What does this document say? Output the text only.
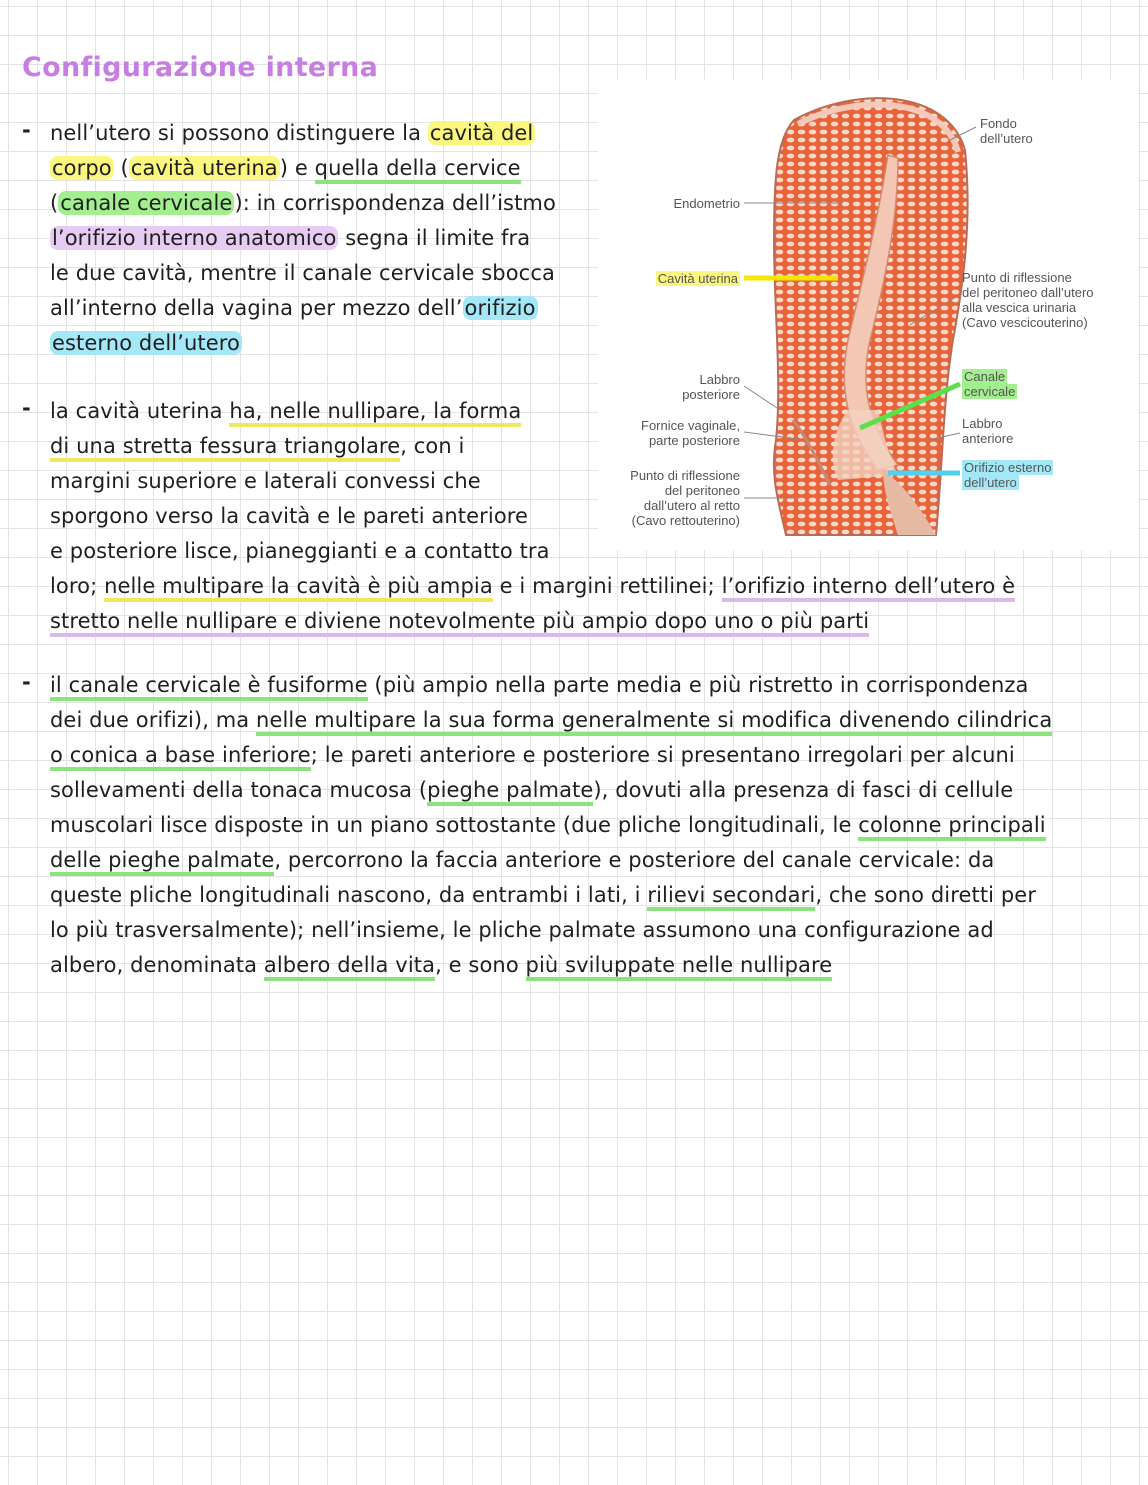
Configurazione interna
- nell’utero si possono distinguere la cavità del
corpo (cavità uterina) e quella della cervice
(canale cervicale): in corrispondenza dell’istmo
l’orifizio interno anatomico segna il limite fra
le due cavità, mentre il canale cervicale sbocca
all’interno della vagina per mezzo dell’orifizio
esterno dell’utero
- la cavità uterina ha, nelle nullipare, la forma
di una stretta fessura triangolare, con i
margini superiore e laterali convessi che
sporgono verso la cavità e le pareti anteriore
e posteriore lisce, pianeggianti e a contatto tra
loro; nelle multipare la cavità è più ampia e i margini rettilinei; l’orifizio interno dell’utero è
stretto nelle nullipare e diviene notevolmente più ampio dopo uno o più parti
- il canale cervicale è fusiforme (più ampio nella parte media e più ristretto in corrispondenza
dei due orifizi), ma nelle multipare la sua forma generalmente si modifica divenendo cilindrica
o conica a base inferiore; le pareti anteriore e posteriore si presentano irregolari per alcuni
sollevamenti della tonaca mucosa (pieghe palmate), dovuti alla presenza di fasci di cellule
muscolari lisce disposte in un piano sottostante (due pliche longitudinali, le colonne principali
delle pieghe palmate, percorrono la faccia anteriore e posteriore del canale cervicale: da
queste pliche longitudinali nascono, da entrambi i lati, i rilievi secondari, che sono diretti per
lo più trasversalmente); nell’insieme, le pliche palmate assumono una configurazione ad
albero, denominata albero della vita, e sono più sviluppate nelle nullipare
Fondo
dell’utero
Endometrio
Cavità uterina	Punto di riflessione
del peritoneo dall’utero
alla vescica urinaria
(Cavo vescicouterino)
Labbro
posteriore
Canale
cervicale
Fornice vaginale,
parte posteriore
Labbro
anteriore
Orifizio esterno
dell’utero
Punto di riflessione
del peritoneo
dall’utero al retto
(Cavo rettouterino)
